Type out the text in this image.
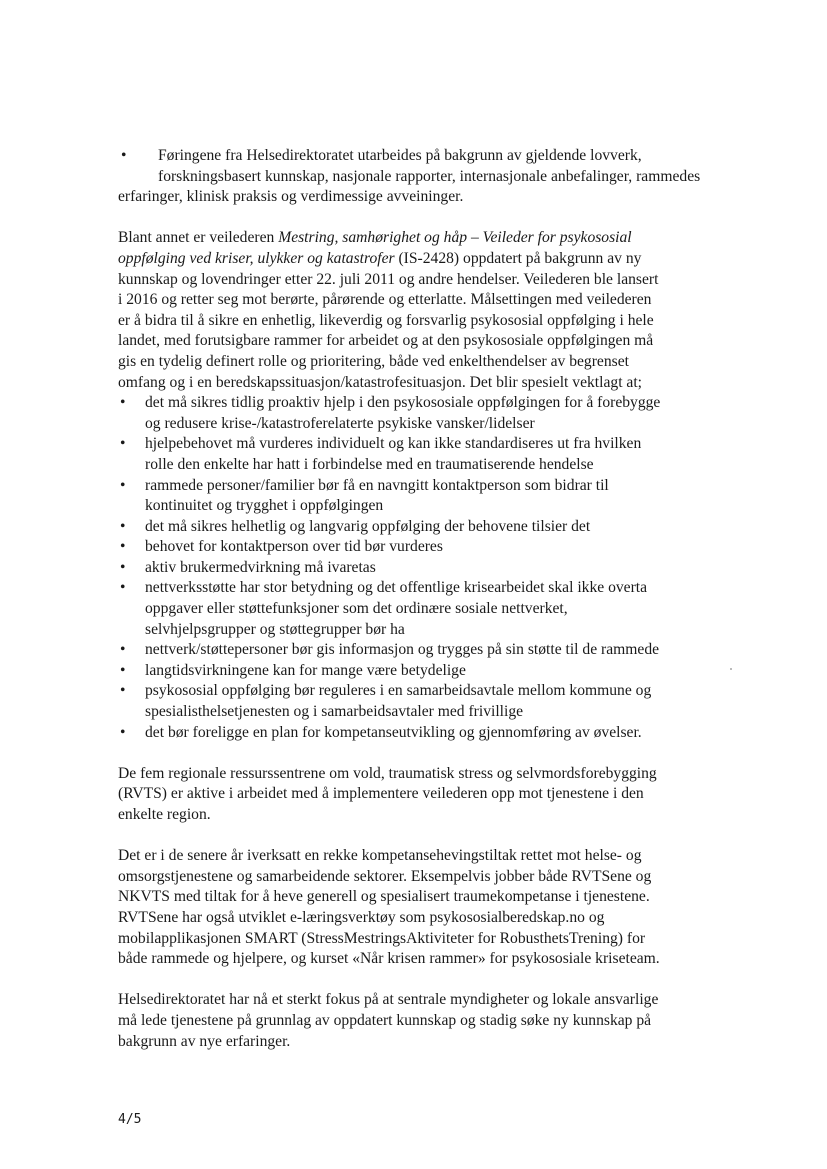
•	Føringene fra Helsedirektoratet utarbeides på bakgrunn av gjeldende lovverk,
forskningsbasert kunnskap, nasjonale rapporter, internasjonale anbefalinger, rammedes
erfaringer, klinisk praksis og verdimessige avveininger.

Blant annet er veilederen Mestring, samhørighet og håp – Veileder for psykososial
oppfølging ved kriser, ulykker og katastrofer (IS-2428) oppdatert på bakgrunn av ny
kunnskap og lovendringer etter 22. juli 2011 og andre hendelser. Veilederen ble lansert
i 2016 og retter seg mot berørte, pårørende og etterlatte. Målsettingen med veilederen
er å bidra til å sikre en enhetlig, likeverdig og forsvarlig psykososial oppfølging i hele
landet, med forutsigbare rammer for arbeidet og at den psykososiale oppfølgingen må
gis en tydelig definert rolle og prioritering, både ved enkelthendelser av begrenset
omfang og i en beredskapssituasjon/katastrofesituasjon. Det blir spesielt vektlagt at;

•	det må sikres tidlig proaktiv hjelp i den psykososiale oppfølgingen for å forebygge
og redusere krise-/katastroferelaterte psykiske vansker/lidelser
•	hjelpebehovet må vurderes individuelt og kan ikke standardiseres ut fra hvilken
rolle den enkelte har hatt i forbindelse med en traumatiserende hendelse
•	rammede personer/familier bør få en navngitt kontaktperson som bidrar til
kontinuitet og trygghet i oppfølgingen
•	det må sikres helhetlig og langvarig oppfølging der behovene tilsier det
•	behovet for kontaktperson over tid bør vurderes
•	aktiv brukermedvirkning må ivaretas
•	nettverksstøtte har stor betydning og det offentlige krisearbeidet skal ikke overta
oppgaver eller støttefunksjoner som det ordinære sosiale nettverket,
selvhjelpsgrupper og støttegrupper bør ha
•	nettverk/støttepersoner bør gis informasjon og trygges på sin støtte til de rammede
•	langtidsvirkningene kan for mange være betydelige
•	psykososial oppfølging bør reguleres i en samarbeidsavtale mellom kommune og
spesialisthelsetjenesten og i samarbeidsavtaler med frivillige
•	det bør foreligge en plan for kompetanseutvikling og gjennomføring av øvelser.

De fem regionale ressurssentrene om vold, traumatisk stress og selvmordsforebygging
(RVTS) er aktive i arbeidet med å implementere veilederen opp mot tjenestene i den
enkelte region.

Det er i de senere år iverksatt en rekke kompetansehevingstiltak rettet mot helse- og
omsorgstjenestene og samarbeidende sektorer. Eksempelvis jobber både RVTSene og
NKVTS med tiltak for å heve generell og spesialisert traumekompetanse i tjenestene.
RVTSene har også utviklet e-læringsverktøy som psykososialberedskap.no og
mobilapplikasjonen SMART (StressMestringsAktiviteter for RobusthetsTrening) for
både rammede og hjelpere, og kurset «Når krisen rammer» for psykososiale kriseteam.

Helsedirektoratet har nå et sterkt fokus på at sentrale myndigheter og lokale ansvarlige
må lede tjenestene på grunnlag av oppdatert kunnskap og stadig søke ny kunnskap på
bakgrunn av nye erfaringer.

4/5
